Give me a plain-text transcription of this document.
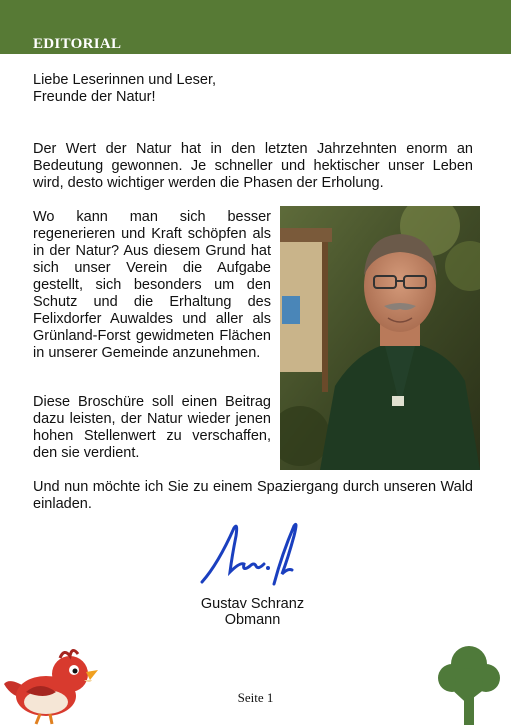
EDITORIAL
Liebe Leserinnen und Leser,
Freunde der Natur!
Der Wert der Natur hat in den letzten Jahrzehnten enorm an Bedeutung gewonnen. Je schneller und hektischer unser Leben wird, desto wichtiger werden die Phasen der Erholung.
Wo kann man sich besser regenerieren und Kraft schöpfen als in der Natur? Aus diesem Grund hat sich unser Verein die Aufgabe gestellt, sich besonders um den Schutz und die Erhaltung des Felixdorfer Auwaldes und aller als Grünland-Forst gewidmeten Flächen in unserer Gemeinde anzunehmen.
Diese Broschüre soll einen Beitrag dazu leisten, der Natur wieder jenen hohen Stellenwert zu verschaffen, den sie verdient.
Und nun möchte ich Sie zu einem Spaziergang durch unseren Wald einladen.
Gustav Schranz
Obmann
Seite 1
